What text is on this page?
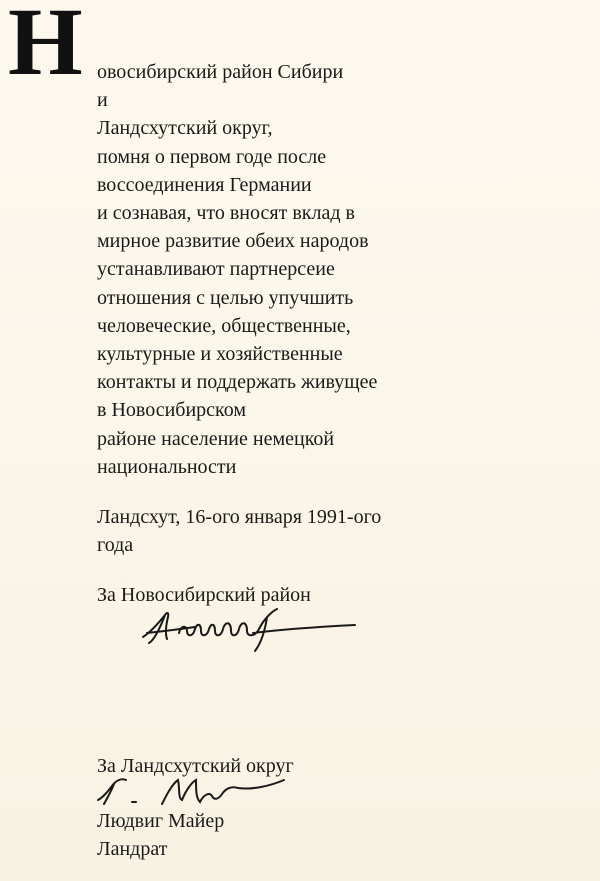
Н овосибирский район Сибири
и
Ландсхутский округ,
помня о первом годе после
воссоединения Германии
и сознавая, что вносят вклад в
мирное развитие обеих народов
устанавливают партнерсеие
отношения с целью упучшить
человеческие, общественные,
культурные и хозяйственные
контакты и поддержать живущее
в Новосибирском
районе население немецкой
национальности
Ландсхут, 16-ого января 1991-ого
года
За Новосибирский район
За Ландсхутский округ
Людвиг Майер
Ландрат
